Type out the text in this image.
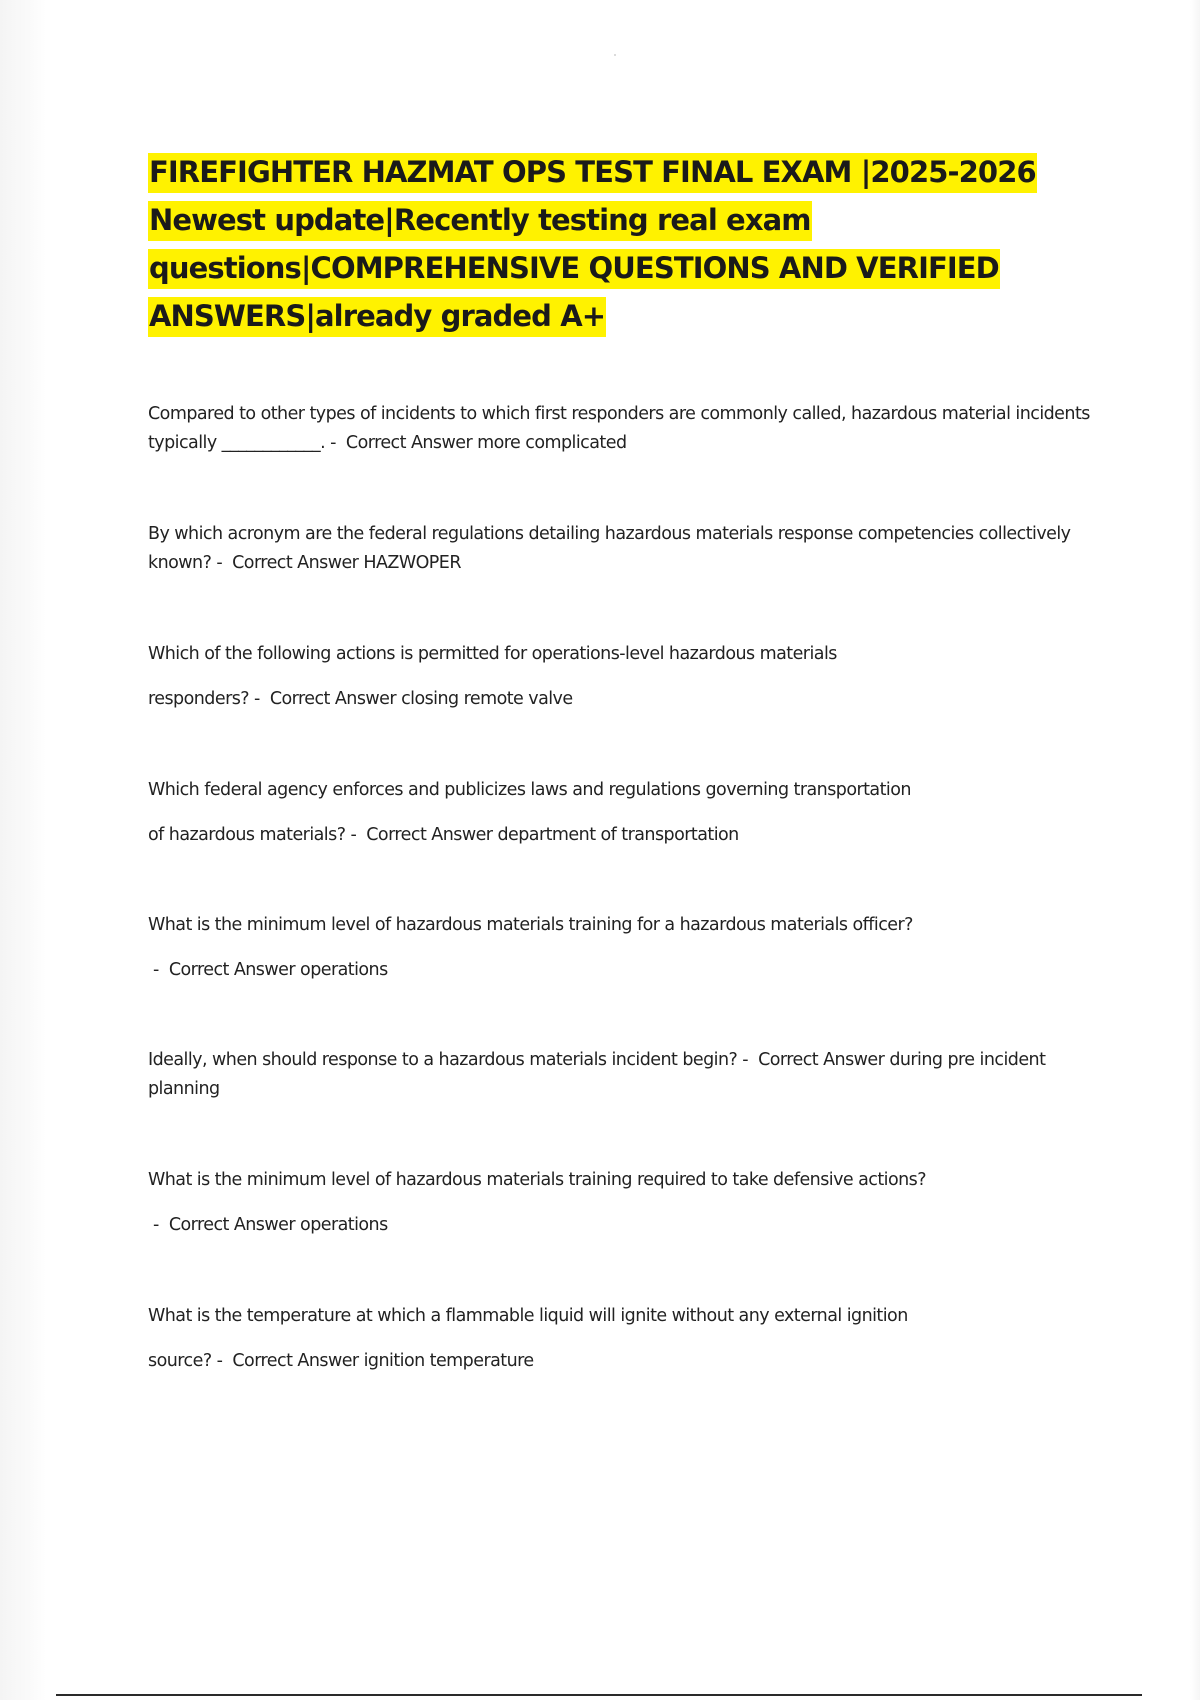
FIREFIGHTER HAZMAT OPS TEST FINAL EXAM |2025-2026 Newest update|Recently testing real exam questions|COMPREHENSIVE QUESTIONS AND VERIFIED ANSWERS|already graded A+

Compared to other types of incidents to which first responders are commonly called, hazardous material incidents typically ____________. -  Correct Answer more complicated

By which acronym are the federal regulations detailing hazardous materials response competencies collectively known? -  Correct Answer HAZWOPER

Which of the following actions is permitted for operations-level hazardous materials responders? -  Correct Answer closing remote valve

Which federal agency enforces and publicizes laws and regulations governing transportation of hazardous materials? -  Correct Answer department of transportation

What is the minimum level of hazardous materials training for a hazardous materials officer? -  Correct Answer operations

Ideally, when should response to a hazardous materials incident begin? -  Correct Answer during pre incident planning

What is the minimum level of hazardous materials training required to take defensive actions? -  Correct Answer operations

What is the temperature at which a flammable liquid will ignite without any external ignition source? -  Correct Answer ignition temperature
